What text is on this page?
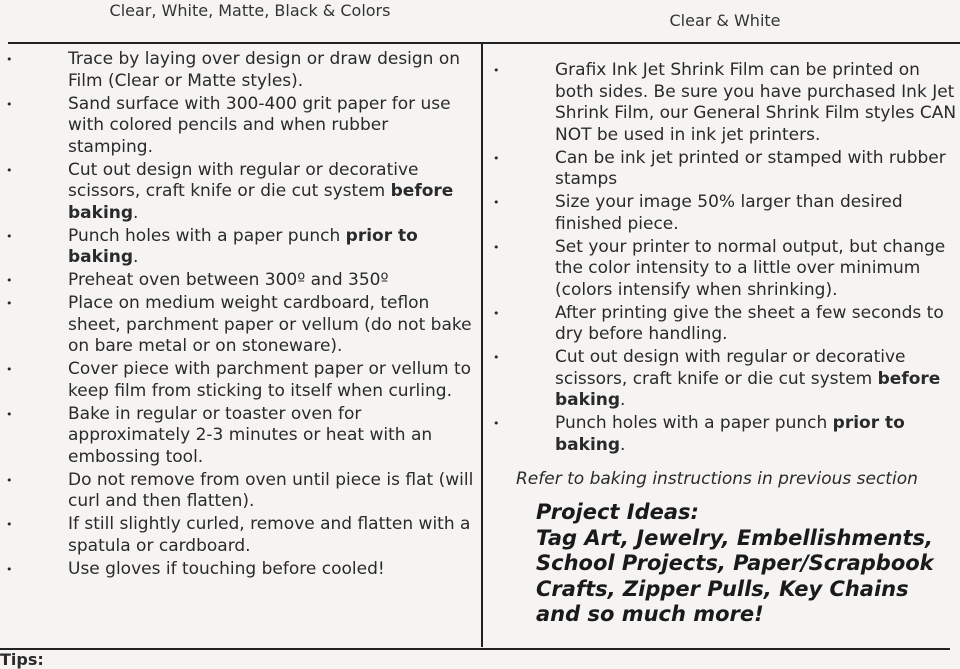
Clear, White, Matte, Black & Colors
Clear & White
•	Trace by laying over design or draw design on Film (Clear or Matte styles).
•	Sand surface with 300-400 grit paper for use with colored pencils and when rubber stamping.
•	Cut out design with regular or decorative scissors, craft knife or die cut system before baking.
•	Punch holes with a paper punch prior to baking.
•	Preheat oven between 300º and 350º
•	Place on medium weight cardboard, teflon sheet, parchment paper or vellum (do not bake on bare metal or on stoneware).
•	Cover piece with parchment paper or vellum to keep film from sticking to itself when curling.
•	Bake in regular or toaster oven for approximately 2-3 minutes or heat with an embossing tool.
•	Do not remove from oven until piece is flat (will curl and then flatten).
•	If still slightly curled, remove and flatten with a spatula or cardboard.
•	Use gloves if touching before cooled!
•	Grafix Ink Jet Shrink Film can be printed on both sides. Be sure you have purchased Ink Jet Shrink Film, our General Shrink Film styles CAN NOT be used in ink jet printers.
•	Can be ink jet printed or stamped with rubber stamps
•	Size your image 50% larger than desired finished piece.
•	Set your printer to normal output, but change the color intensity to a little over minimum (colors intensify when shrinking).
•	After printing give the sheet a few seconds to dry before handling.
•	Cut out design with regular or decorative scissors, craft knife or die cut system before baking.
•	Punch holes with a paper punch prior to baking.
Refer to baking instructions in previous section
Project Ideas:
Tag Art, Jewelry, Embellishments,
School Projects, Paper/Scrapbook
Crafts, Zipper Pulls, Key Chains
and so much more!
Tips:
